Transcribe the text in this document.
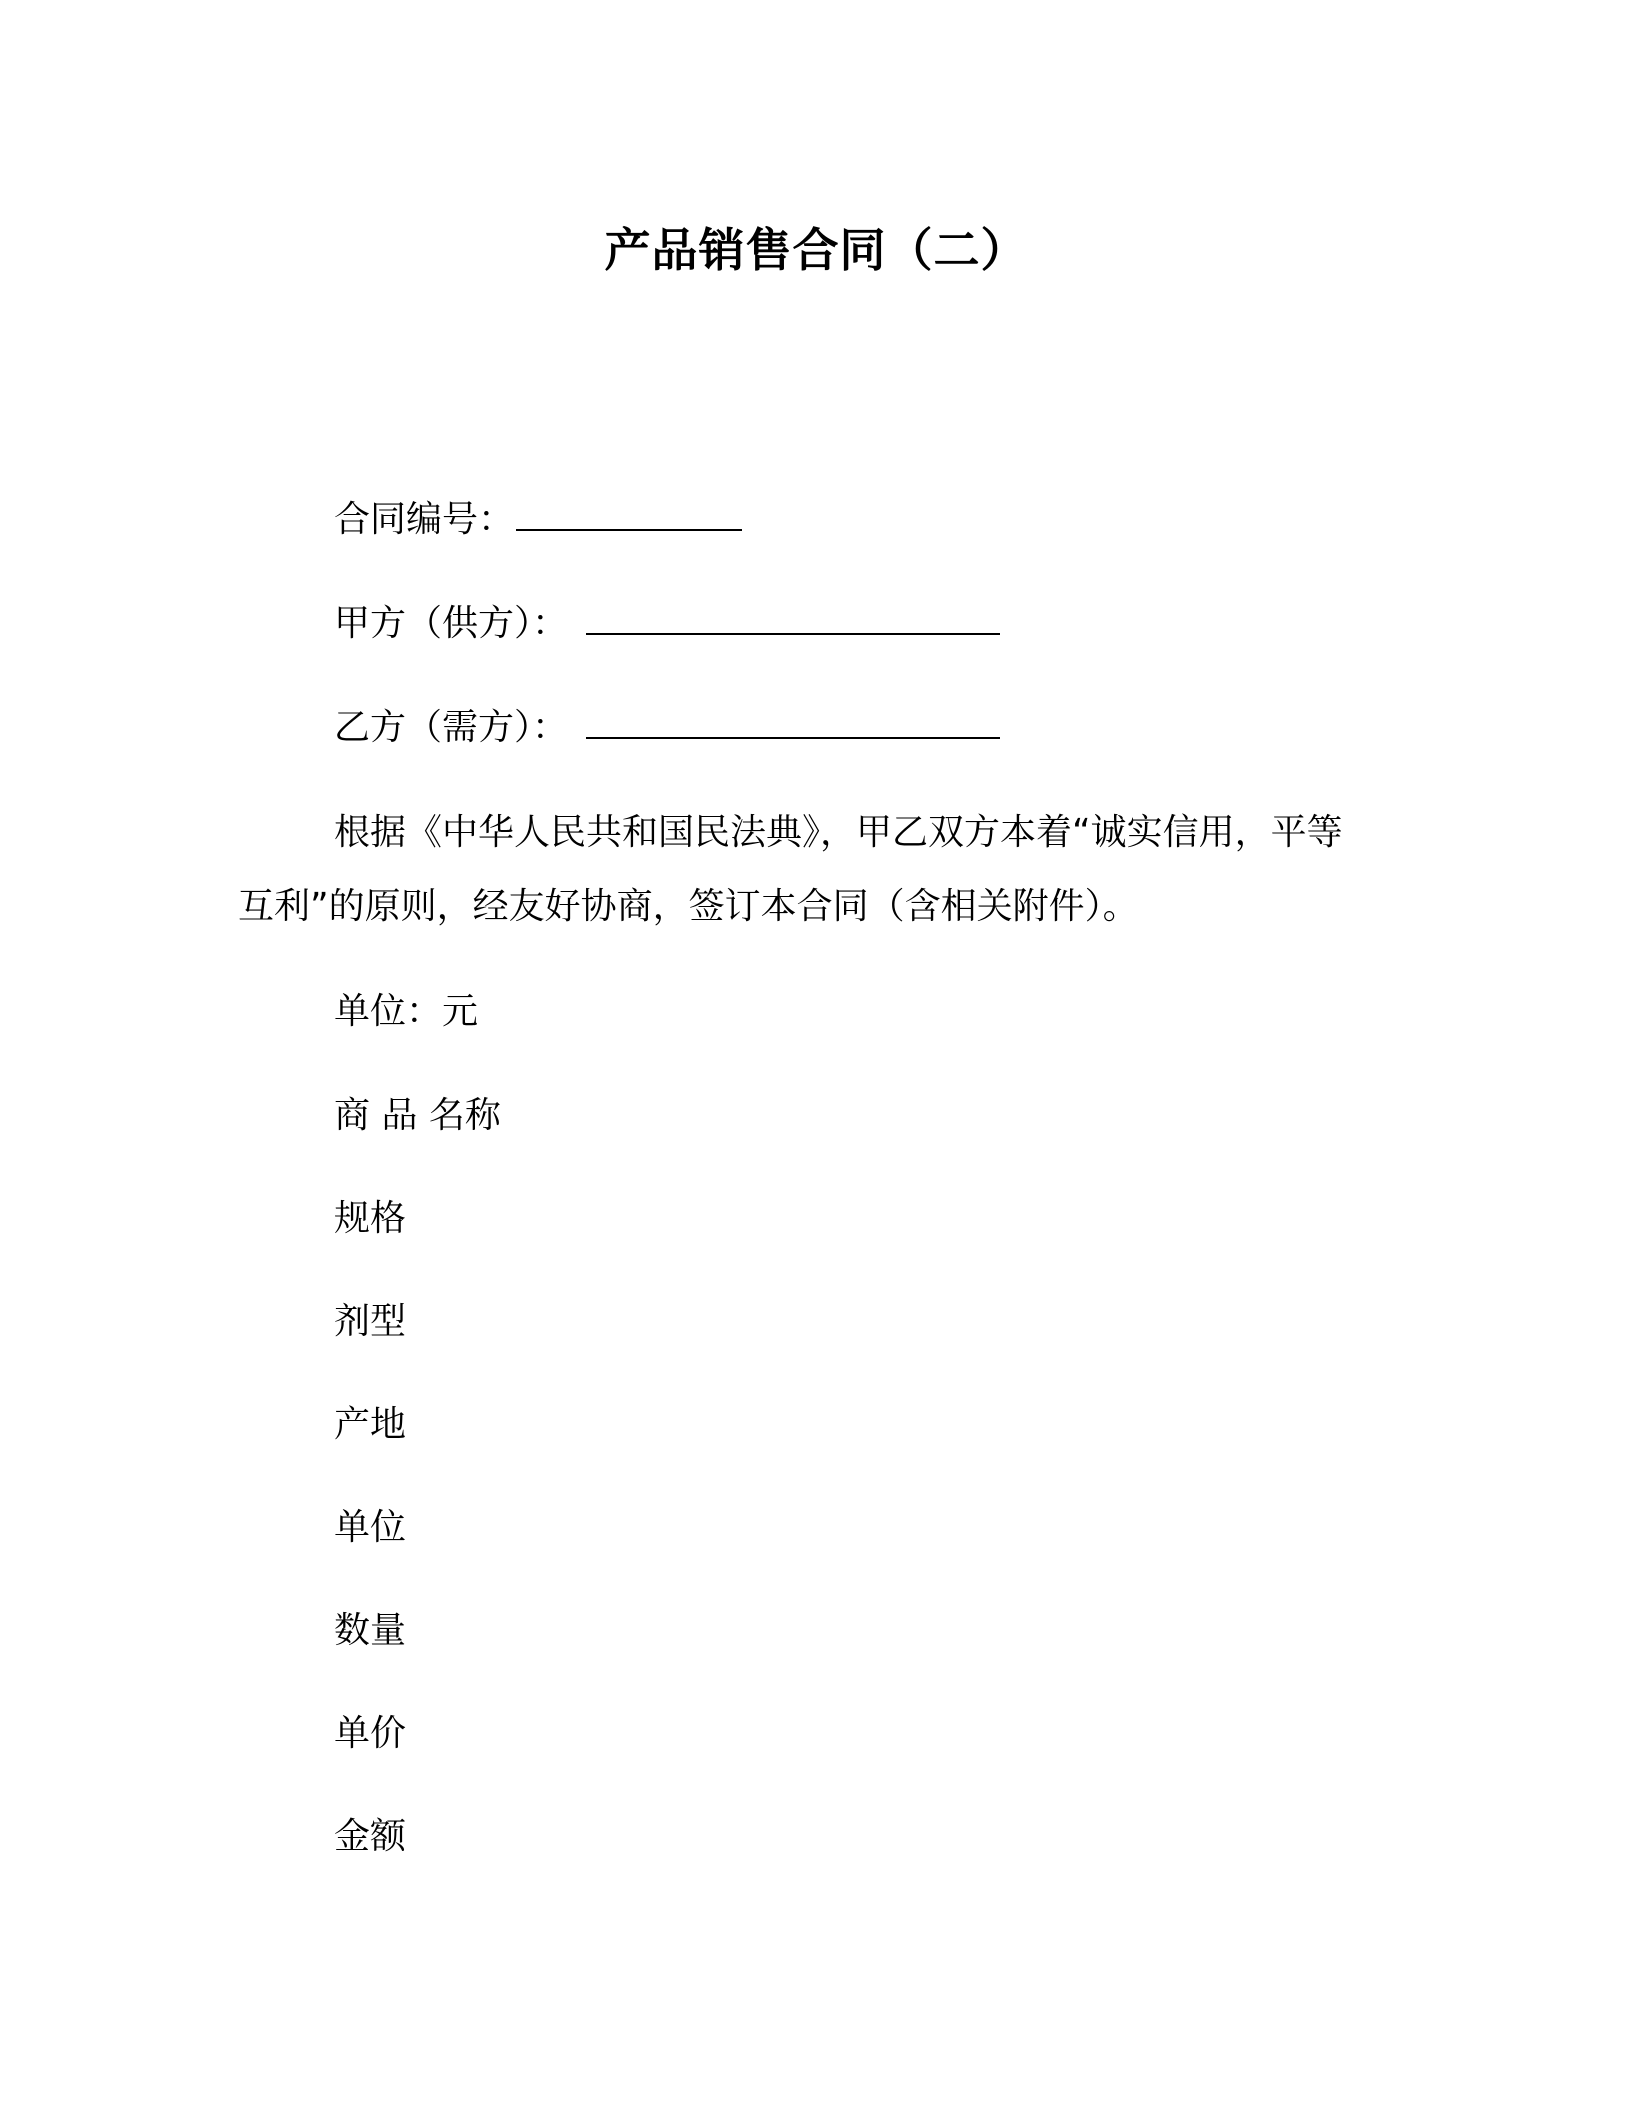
产品销售合同（二）
合同编号：
甲方（供方）：
乙方（需方）：
根据《中华人民共和国民法典》，甲乙双方本着“诚实信用，平等互利”的原则，经友好协商，签订本合同（含相关附件）。
单位：元
商 品 名称
规格
剂型
产地
单位
数量
单价
金额
